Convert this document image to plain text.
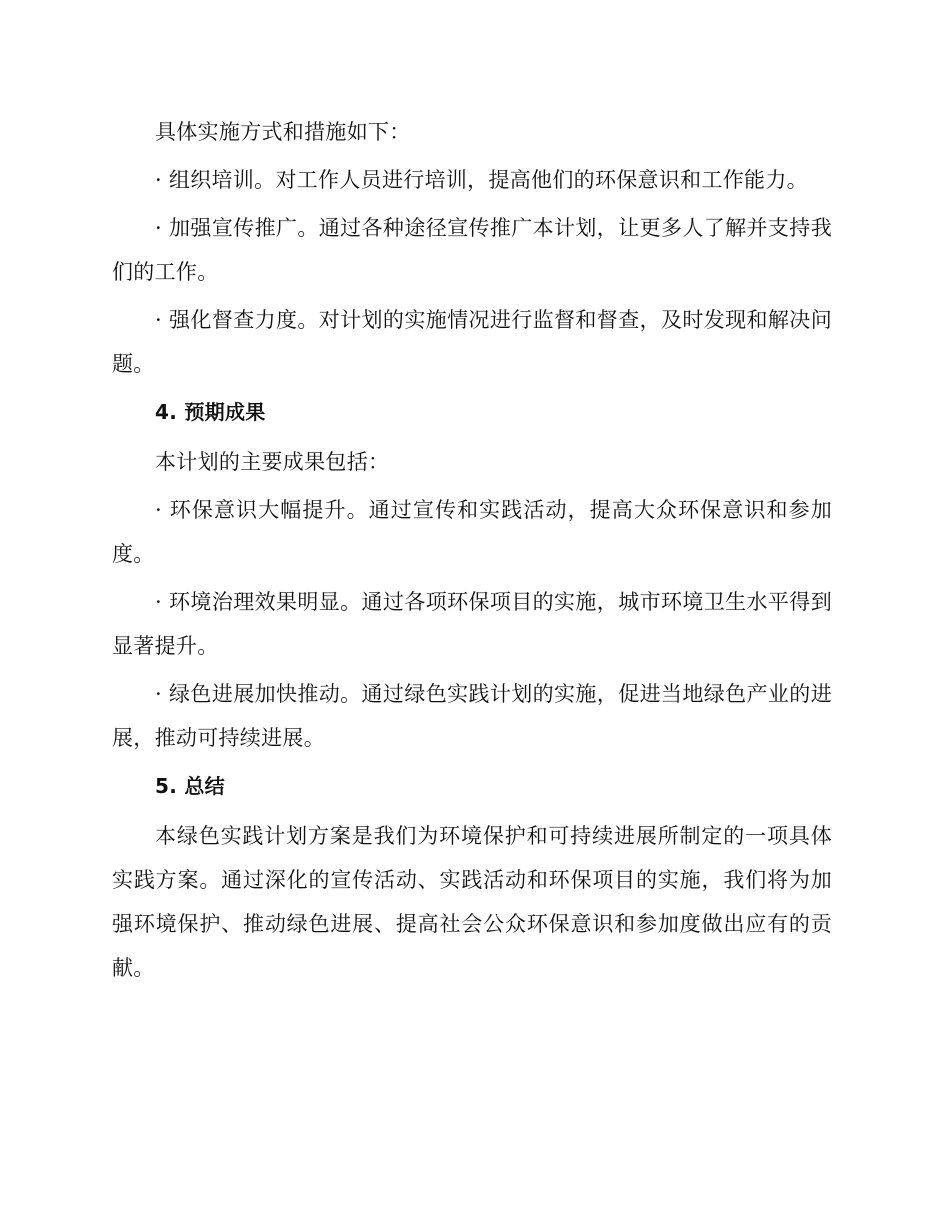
具体实施方式和措施如下：

· 组织培训。对工作人员进行培训，提高他们的环保意识和工作能力。

· 加强宣传推广。通过各种途径宣传推广本计划，让更多人了解并支持我们的工作。

· 强化督查力度。对计划的实施情况进行监督和督查，及时发现和解决问题。

4. 预期成果

本计划的主要成果包括：

· 环保意识大幅提升。通过宣传和实践活动，提高大众环保意识和参加度。

· 环境治理效果明显。通过各项环保项目的实施，城市环境卫生水平得到显著提升。

· 绿色进展加快推动。通过绿色实践计划的实施，促进当地绿色产业的进展，推动可持续进展。

5. 总结

本绿色实践计划方案是我们为环境保护和可持续进展所制定的一项具体实践方案。通过深化的宣传活动、实践活动和环保项目的实施，我们将为加强环境保护、推动绿色进展、提高社会公众环保意识和参加度做出应有的贡献。
